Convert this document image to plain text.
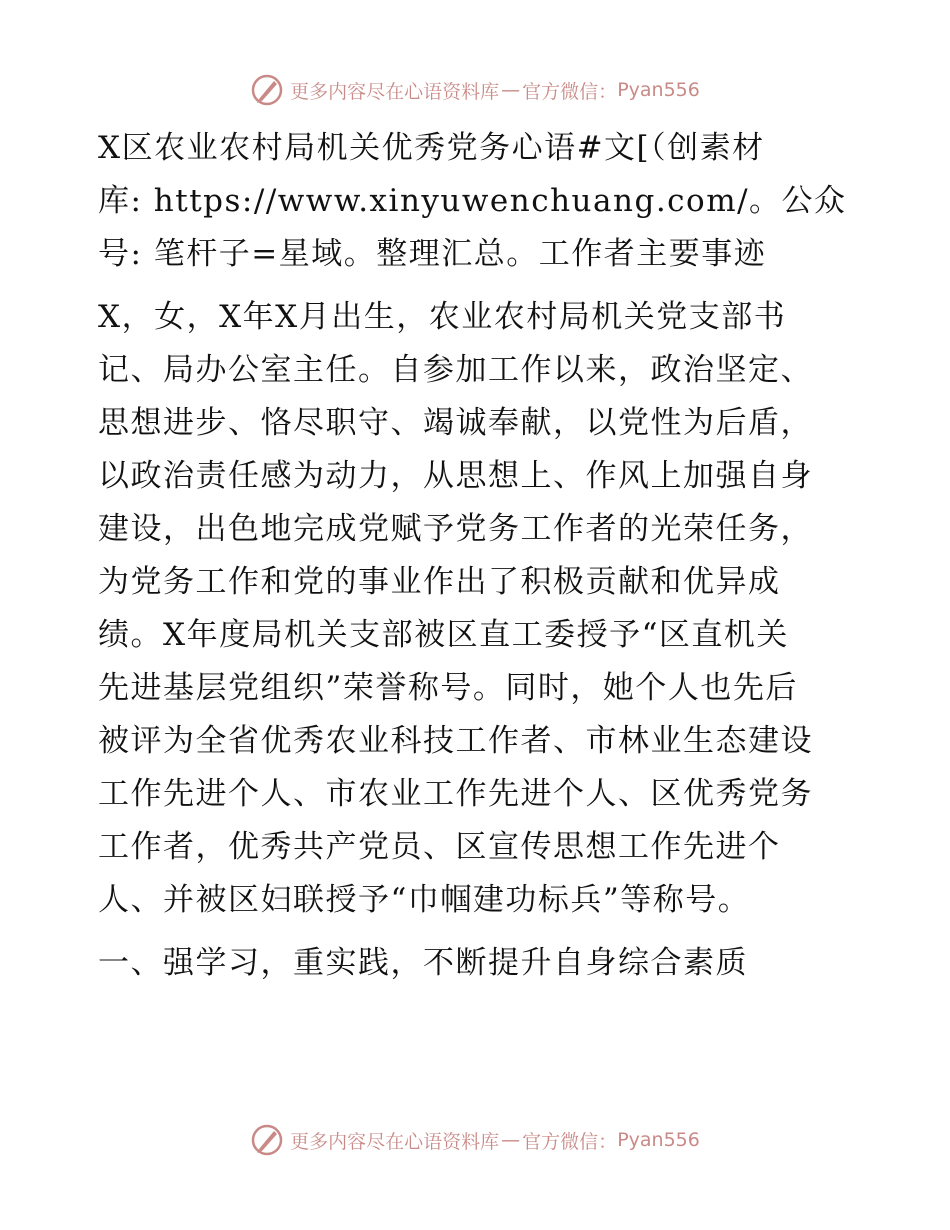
更多内容尽在心语资料库 — 官方微信： Pyan556

X区农业农村局机关优秀党务心语#文[（创素材
库: https://www.xinyuwenchuang.com/。公众
号: 笔杆子=星域。整理汇总。工作者主要事迹

X，女，X年X月出生，农业农村局机关党支部书
记、局办公室主任。自参加工作以来，政治坚定、
思想进步、恪尽职守、竭诚奉献，以党性为后盾，
以政治责任感为动力，从思想上、作风上加强自身
建设，出色地完成党赋予党务工作者的光荣任务，
为党务工作和党的事业作出了积极贡献和优异成
绩。X年度局机关支部被区直工委授予“区直机关
先进基层党组织”荣誉称号。同时，她个人也先后
被评为全省优秀农业科技工作者、市林业生态建设
工作先进个人、市农业工作先进个人、区优秀党务
工作者，优秀共产党员、区宣传思想工作先进个
人、并被区妇联授予“巾帼建功标兵”等称号。

一、强学习，重实践，不断提升自身综合素质

更多内容尽在心语资料库 — 官方微信： Pyan556
